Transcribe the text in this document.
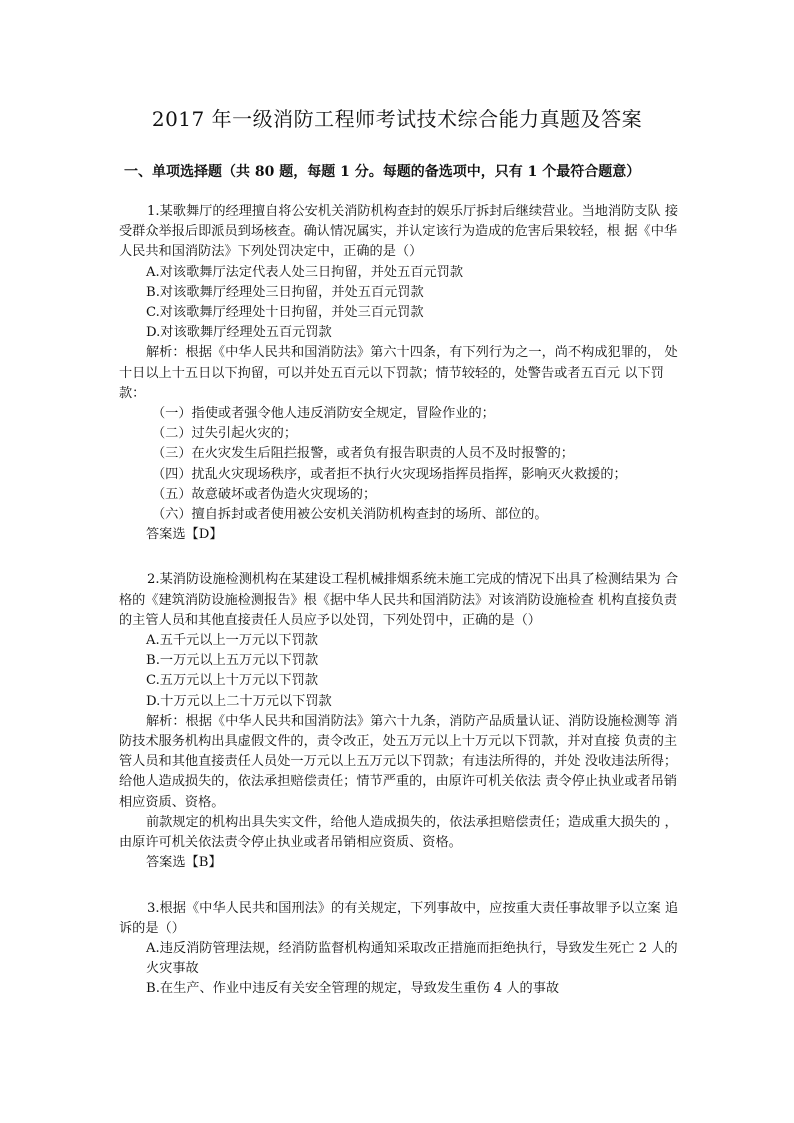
2017 年一级消防工程师考试技术综合能力真题及答案
一、单项选择题（共 80 题，每题 1 分。每题的备选项中，只有 1 个最符合题意）

1.某歌舞厅的经理擅自将公安机关消防机构查封的娱乐厅拆封后继续营业。当地消防支队 接受群众举报后即派员到场核查。确认情况属实，并认定该行为造成的危害后果较轻，根 据《中华人民共和国消防法》下列处罚决定中，正确的是（）

A.对该歌舞厅法定代表人处三日拘留，并处五百元罚款

B.对该歌舞厅经理处三日拘留，并处五百元罚款

C.对该歌舞厅经理处十日拘留，并处三百元罚款

D.对该歌舞厅经理处五百元罚款

解析：根据《中华人民共和国消防法》第六十四条，有下列行为之一，尚不构成犯罪的， 处十日以上十五日以下拘留，可以并处五百元以下罚款；情节较轻的，处警告或者五百元 以下罚款：

（一）指使或者强令他人违反消防安全规定，冒险作业的；

（二）过失引起火灾的；

（三）在火灾发生后阻拦报警，或者负有报告职责的人员不及时报警的；

（四）扰乱火灾现场秩序，或者拒不执行火灾现场指挥员指挥，影响灭火救援的；

（五）故意破坏或者伪造火灾现场的；

（六）擅自拆封或者使用被公安机关消防机构查封的场所、部位的。

答案选【D】

2.某消防设施检测机构在某建设工程机械排烟系统未施工完成的情况下出具了检测结果为 合格的《建筑消防设施检测报告》根《据中华人民共和国消防法》对该消防设施检查 机构直接负责的主管人员和其他直接责任人员应予以处罚，下列处罚中，正确的是（）

A.五千元以上一万元以下罚款

B.一万元以上五万元以下罚款

C.五万元以上十万元以下罚款

D.十万元以上二十万元以下罚款

解析：根据《中华人民共和国消防法》第六十九条，消防产品质量认证、消防设施检测等 消防技术服务机构出具虚假文件的，责令改正，处五万元以上十万元以下罚款，并对直接 负责的主管人员和其他直接责任人员处一万元以上五万元以下罚款；有违法所得的，并处 没收违法所得；给他人造成损失的，依法承担赔偿责任；情节严重的，由原许可机关依法 责令停止执业或者吊销相应资质、资格。

前款规定的机构出具失实文件，给他人造成损失的，依法承担赔偿责任；造成重大损失的 ，由原许可机关依法责令停止执业或者吊销相应资质、资格。

答案选【B】

3.根据《中华人民共和国刑法》的有关规定，下列事故中，应按重大责任事故罪予以立案 追诉的是（）

A.违反消防管理法规，经消防监督机构通知采取改正措施而拒绝执行，导致发生死亡 2 人的 火灾事故

B.在生产、作业中违反有关安全管理的规定，导致发生重伤 4 人的事故
